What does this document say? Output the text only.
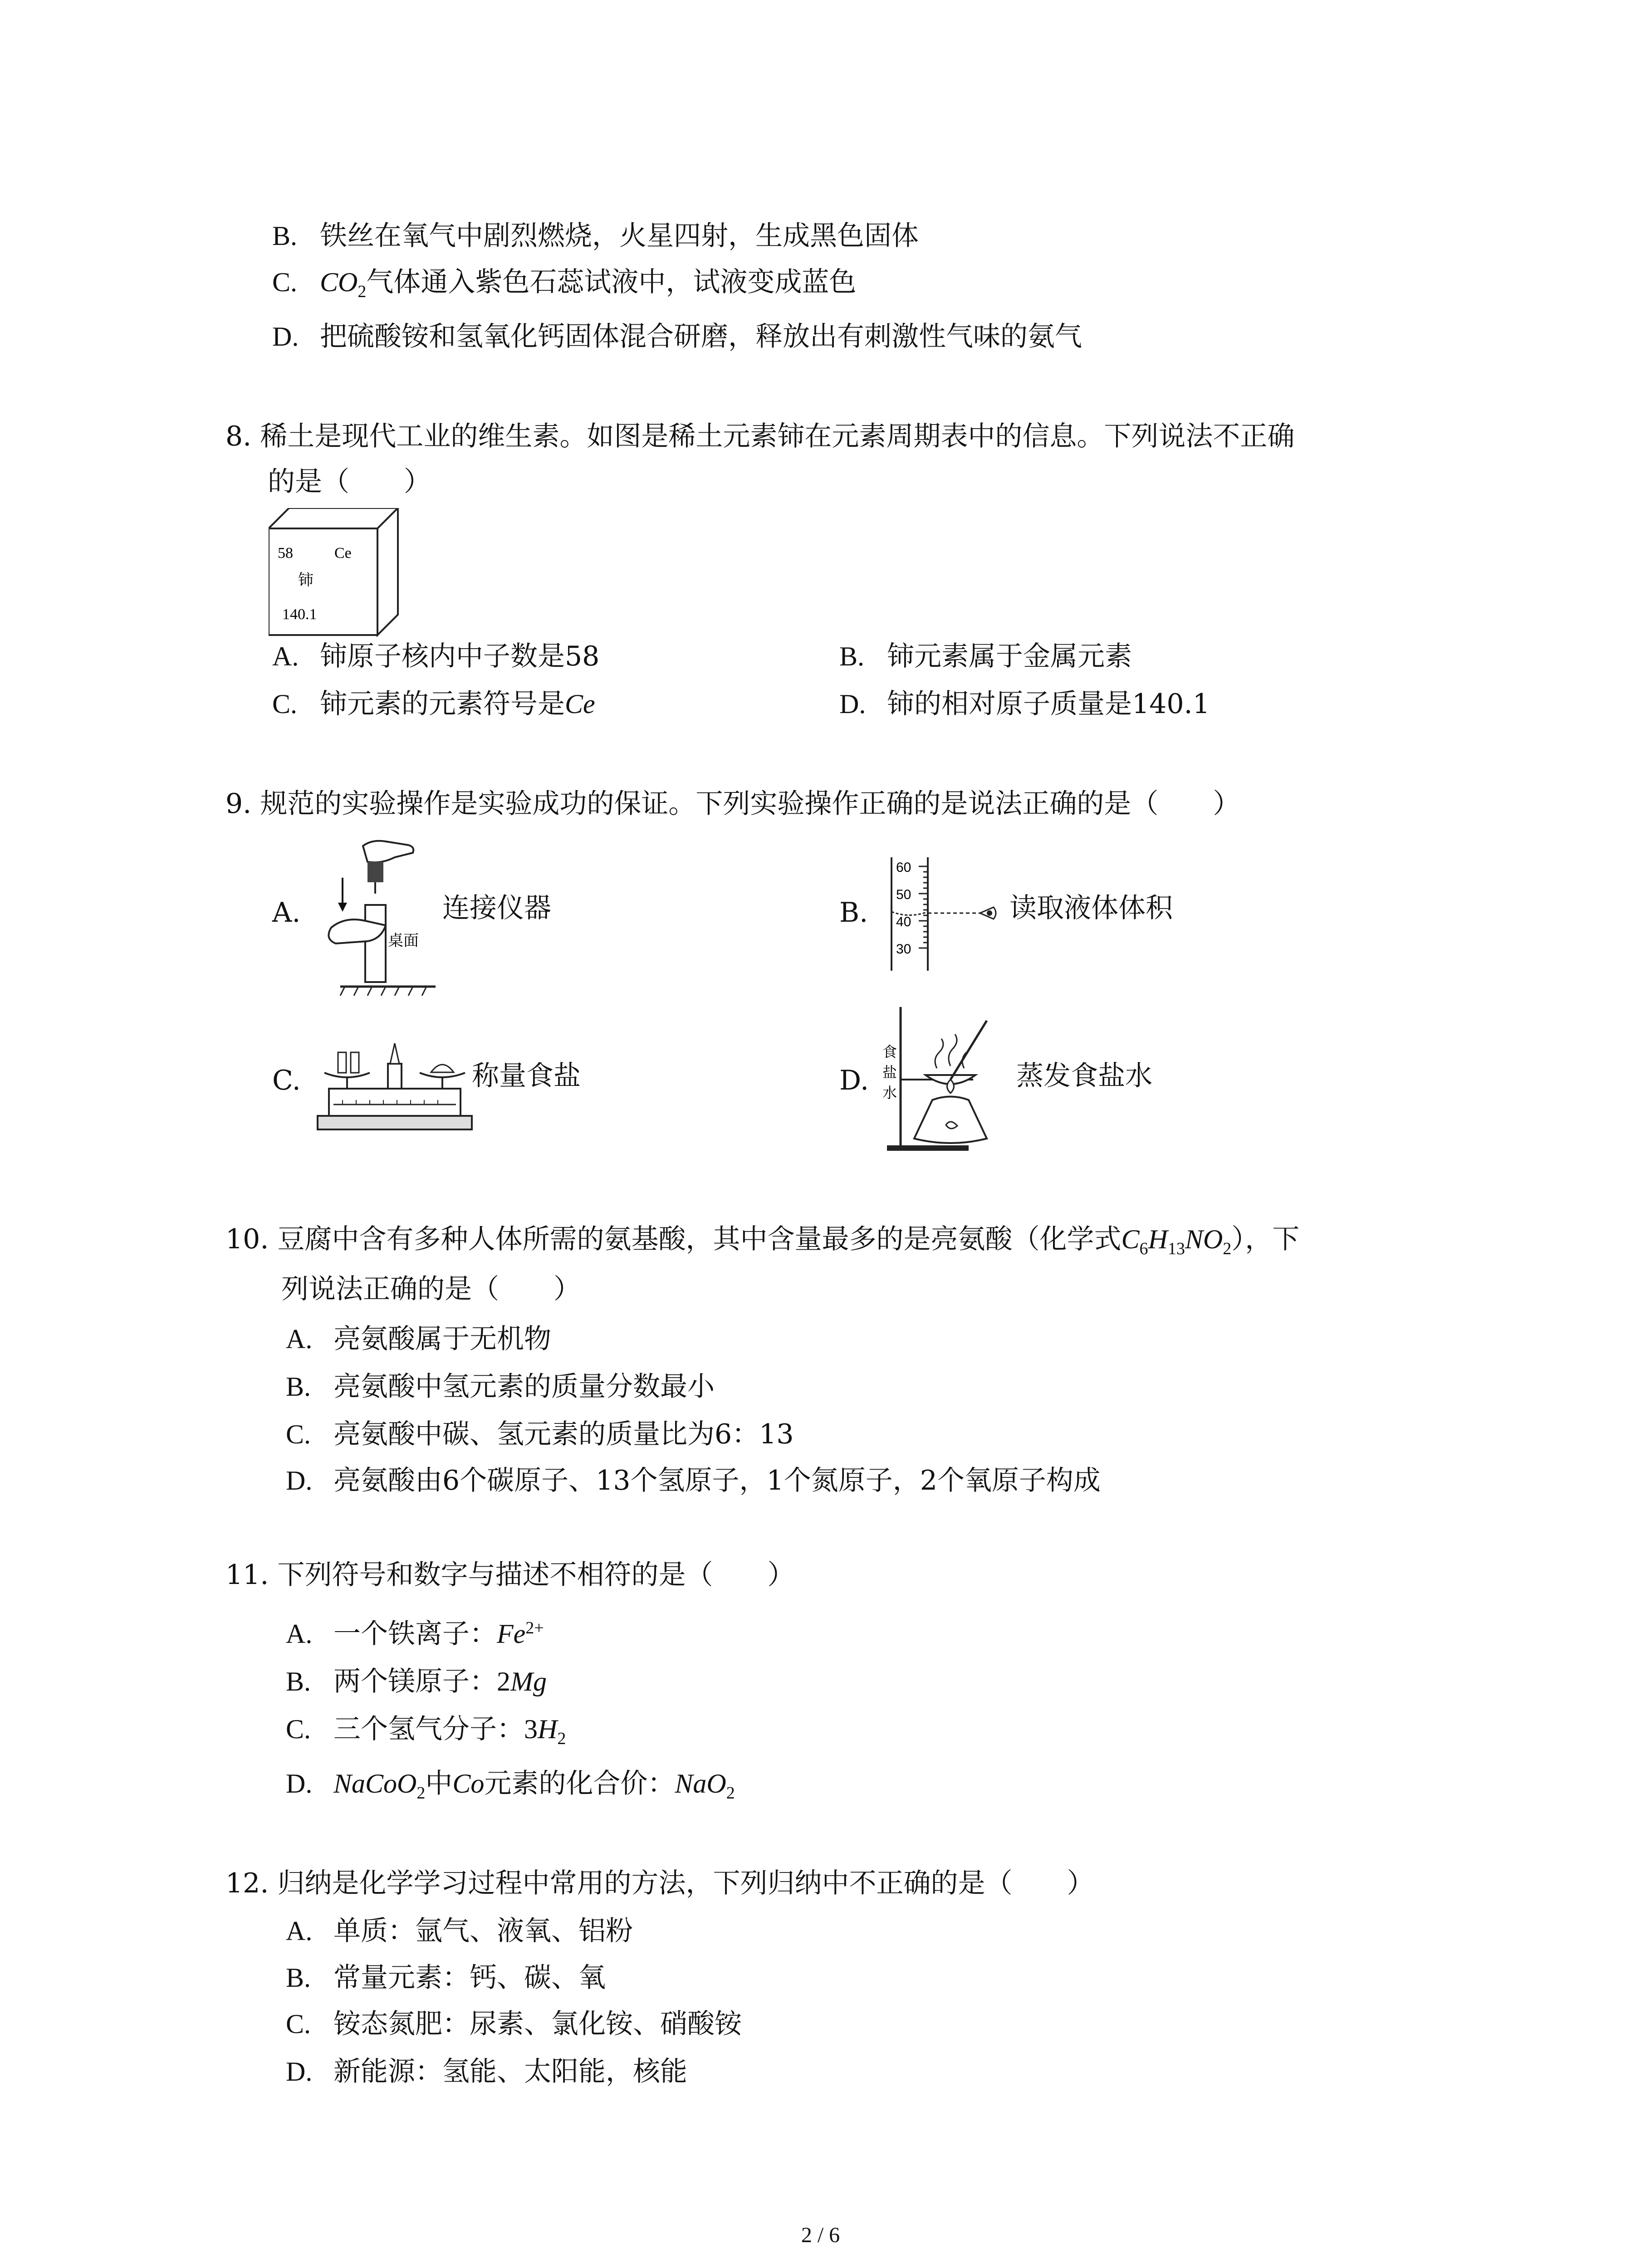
B. 铁丝在氧气中剧烈燃烧，火星四射，生成黑色固体
C. $CO_2$气体通入紫色石蕊试液中，试液变成蓝色
D. 把硫酸铵和氢氧化钙固体混合研磨，释放出有刺激性气味的氨气
8. 稀土是现代工业的维生素。如图是稀土元素铈在元素周期表中的信息。下列说法不正确
的是（　　）
58	Ce
铈
140.1
A. 铈原子核内中子数是58	B. 铈元素属于金属元素
C. 铈元素的元素符号是Ce	D. 铈的相对原子质量是140.1
9. 规范的实验操作是实验成功的保证。下列实验操作正确的是说法正确的是（　　）
A.
桌面
连接仪器	B.
60
50
40
30
读取液体体积
C.	称量食盐	D.
食
盐
水
蒸发食盐水
10. 豆腐中含有多种人体所需的氨基酸，其中含量最多的是亮氨酸（化学式$C_6H_{13}NO_2$），下
列说法正确的是（　　）
A. 亮氨酸属于无机物
B. 亮氨酸中氢元素的质量分数最小
C. 亮氨酸中碳、氢元素的质量比为6：13
D. 亮氨酸由6个碳原子、13个氢原子，1个氮原子，2个氧原子构成
11. 下列符号和数字与描述不相符的是（　　）
A. 一个铁离子：$Fe^{2+}$
B. 两个镁原子：2Mg
C. 三个氢气分子：$3H_2$
D. NaCoO$_2$中Co元素的化合价：NaO$_2$
12. 归纳是化学学习过程中常用的方法，下列归纳中不正确的是（　　）
A. 单质：氩气、液氧、铝粉
B. 常量元素：钙、碳、氧
C. 铵态氮肥：尿素、氯化铵、硝酸铵
D. 新能源：氢能、太阳能，核能
2 / 6
